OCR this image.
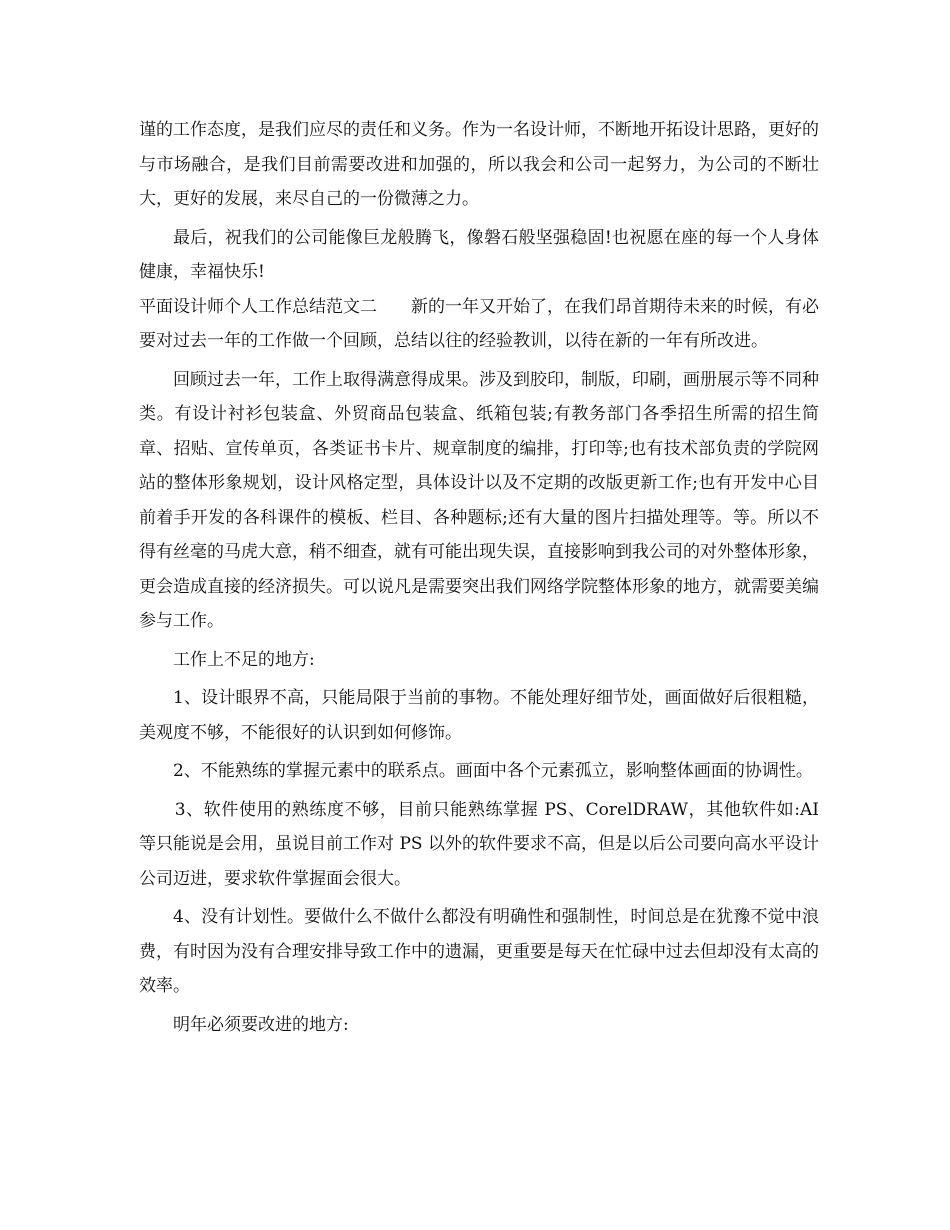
谨的工作态度，是我们应尽的责任和义务。作为一名设计师，不断地开拓设计思路，更好的与市场融合，是我们目前需要改进和加强的，所以我会和公司一起努力，为公司的不断壮大，更好的发展，来尽自己的一份微薄之力。

最后，祝我们的公司能像巨龙般腾飞，像磐石般坚强稳固!也祝愿在座的每一个人身体健康，幸福快乐!

平面设计师个人工作总结范文二　　新的一年又开始了，在我们昂首期待未来的时候，有必要对过去一年的工作做一个回顾，总结以往的经验教训，以待在新的一年有所改进。

回顾过去一年，工作上取得满意得成果。涉及到胶印，制版，印刷，画册展示等不同种类。有设计衬衫包装盒、外贸商品包装盒、纸箱包装;有教务部门各季招生所需的招生简章、招贴、宣传单页，各类证书卡片、规章制度的编排，打印等;也有技术部负责的学院网站的整体形象规划，设计风格定型，具体设计以及不定期的改版更新工作;也有开发中心目前着手开发的各科课件的模板、栏目、各种题标;还有大量的图片扫描处理等。等。所以不得有丝毫的马虎大意，稍不细查，就有可能出现失误，直接影响到我公司的对外整体形象，更会造成直接的经济损失。可以说凡是需要突出我们网络学院整体形象的地方，就需要美编参与工作。

工作上不足的地方:

1、设计眼界不高，只能局限于当前的事物。不能处理好细节处，画面做好后很粗糙，美观度不够，不能很好的认识到如何修饰。

2、不能熟练的掌握元素中的联系点。画面中各个元素孤立，影响整体画面的协调性。

3、软件使用的熟练度不够，目前只能熟练掌握 PS、CorelDRAW，其他软件如:AI 等只能说是会用，虽说目前工作对 PS 以外的软件要求不高，但是以后公司要向高水平设计公司迈进，要求软件掌握面会很大。

4、没有计划性。要做什么不做什么都没有明确性和强制性，时间总是在犹豫不觉中浪费，有时因为没有合理安排导致工作中的遗漏，更重要是每天在忙碌中过去但却没有太高的效率。

明年必须要改进的地方:
